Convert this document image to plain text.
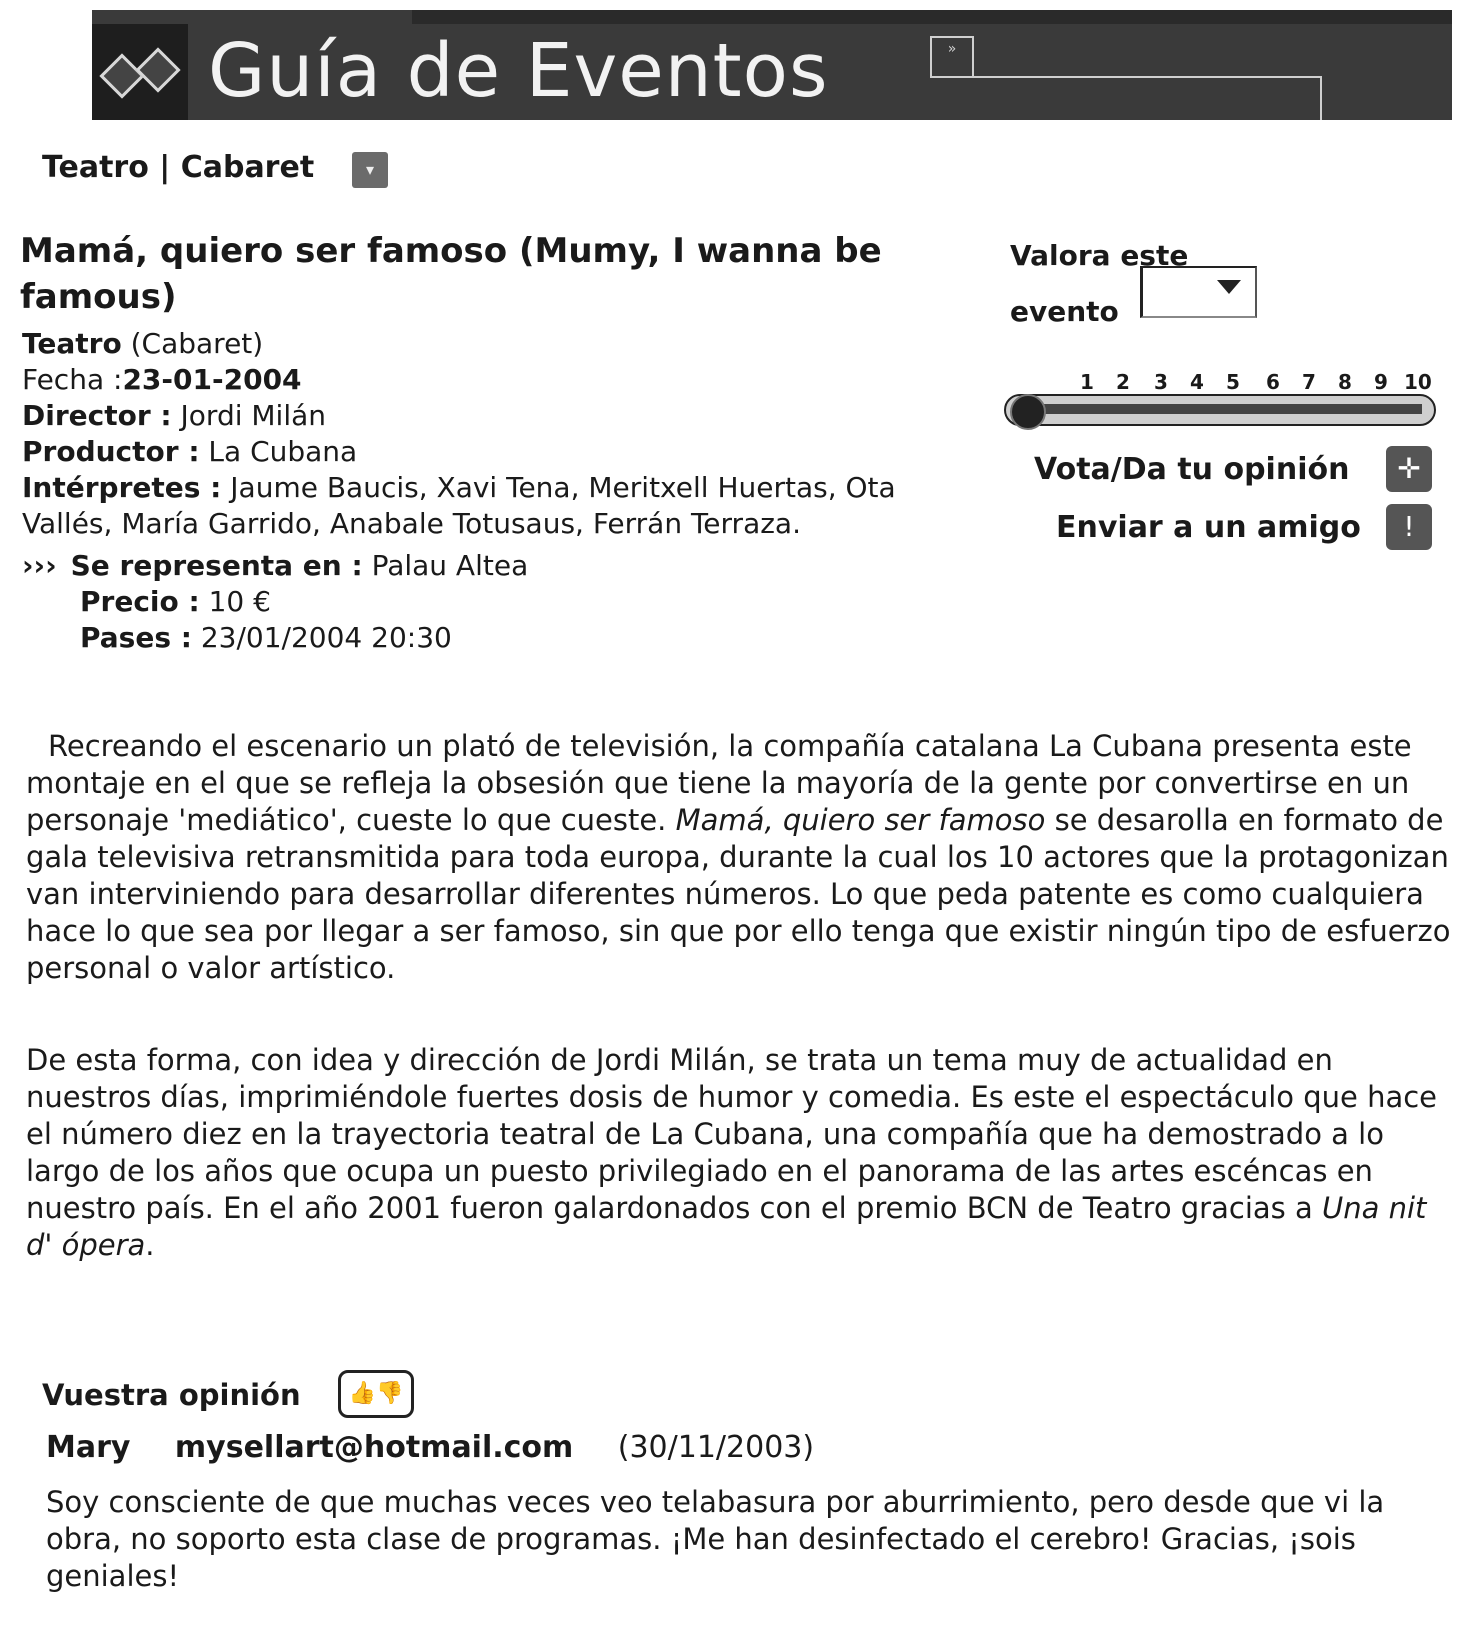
Guía de Eventos	»
Teatro | Cabaret	▾
Mamá, quiero ser famoso (Mumy, I wanna be famous)
Teatro (Cabaret)
Fecha :23-01-2004
Director : Jordi Milán
Productor : La Cubana
Intérpretes : Jaume Baucis, Xavi Tena, Meritxell Huertas, Ota Vallés, María Garrido, Anabale Totusaus, Ferrán Terraza.
››› Se representa en : Palau Altea
Precio : 10 €
Pases : 23/01/2004 20:30
Valora este
evento
1 2 3 4 5 6 7 8 9 10
Vota/Da tu opinión	✛
Enviar a un amigo	!

Recreando el escenario un plató de televisión, la compañía catalana La Cubana presenta este montaje en el que se refleja la obsesión que tiene la mayoría de la gente por convertirse en un personaje 'mediático', cueste lo que cueste. Mamá, quiero ser famoso se desarolla en formato de gala televisiva retransmitida para toda europa, durante la cual los 10 actores que la protagonizan van interviniendo para desarrollar diferentes números. Lo que peda patente es como cualquiera hace lo que sea por llegar a ser famoso, sin que por ello tenga que existir ningún tipo de esfuerzo personal o valor artístico.

De esta forma, con idea y dirección de Jordi Milán, se trata un tema muy de actualidad en nuestros días, imprimiéndole fuertes dosis de humor y comedia. Es este el espectáculo que hace el número diez en la trayectoria teatral de La Cubana, una compañía que ha demostrado a lo largo de los años que ocupa un puesto privilegiado en el panorama de las artes escéncas en nuestro país. En el año 2001 fueron galardonados con el premio BCN de Teatro gracias a Una nit d' ópera.

Vuestra opinión	👍👎
Mary mysellart@hotmail.com (30/11/2003)

Soy consciente de que muchas veces veo telabasura por aburrimiento, pero desde que vi la obra, no soporto esta clase de programas. ¡Me han desinfectado el cerebro! Gracias, ¡sois geniales!
